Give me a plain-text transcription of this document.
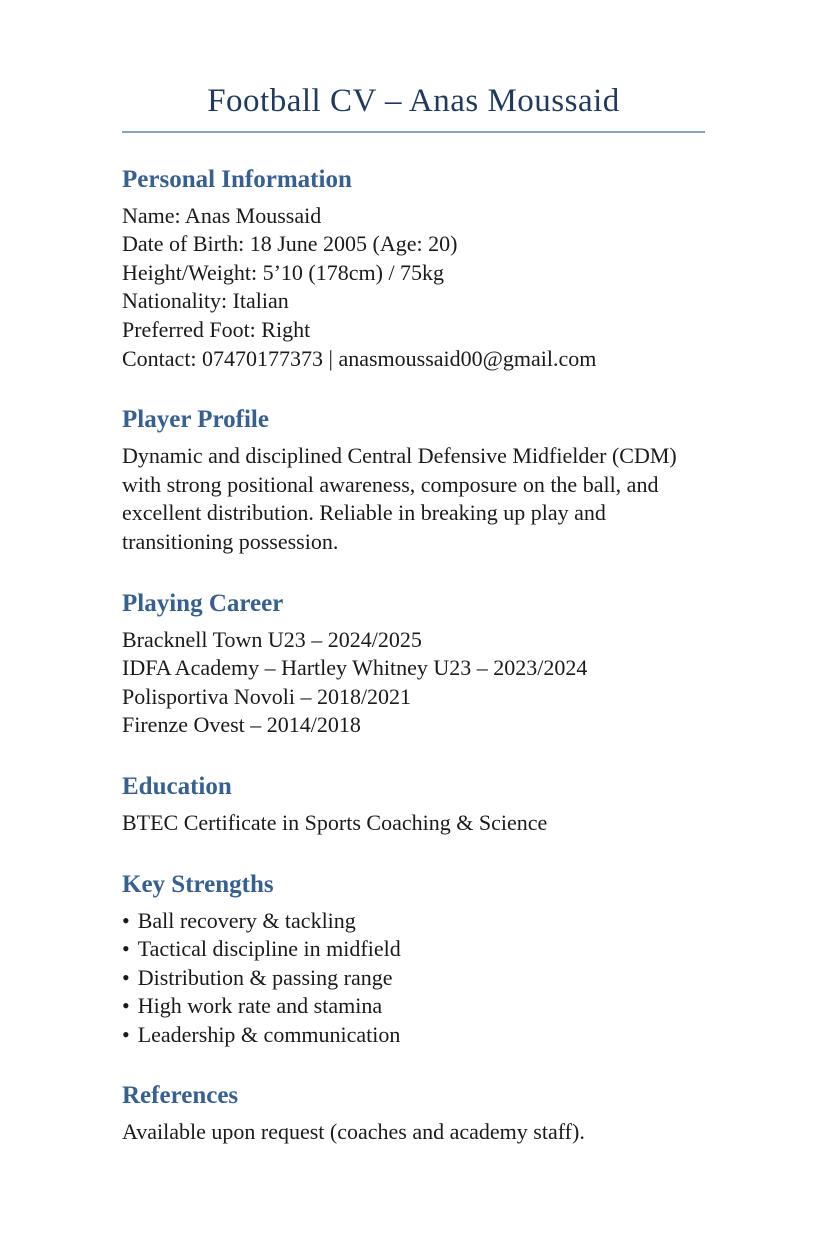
Football CV – Anas Moussaid
Personal Information
Name: Anas Moussaid
Date of Birth: 18 June 2005 (Age: 20)
Height/Weight: 5’10 (178cm) / 75kg
Nationality: Italian
Preferred Foot: Right
Contact: 07470177373 | anasmoussaid00@gmail.com
Player Profile

Dynamic and disciplined Central Defensive Midfielder (CDM) with strong positional awareness, composure on the ball, and excellent distribution. Reliable in breaking up play and transitioning possession.

Playing Career
Bracknell Town U23 – 2024/2025
IDFA Academy – Hartley Whitney U23 – 2023/2024
Polisportiva Novoli – 2018/2021
Firenze Ovest – 2014/2018
Education
BTEC Certificate in Sports Coaching & Science
Key Strengths
• Ball recovery & tackling
• Tactical discipline in midfield
• Distribution & passing range
• High work rate and stamina
• Leadership & communication
References
Available upon request (coaches and academy staff).
